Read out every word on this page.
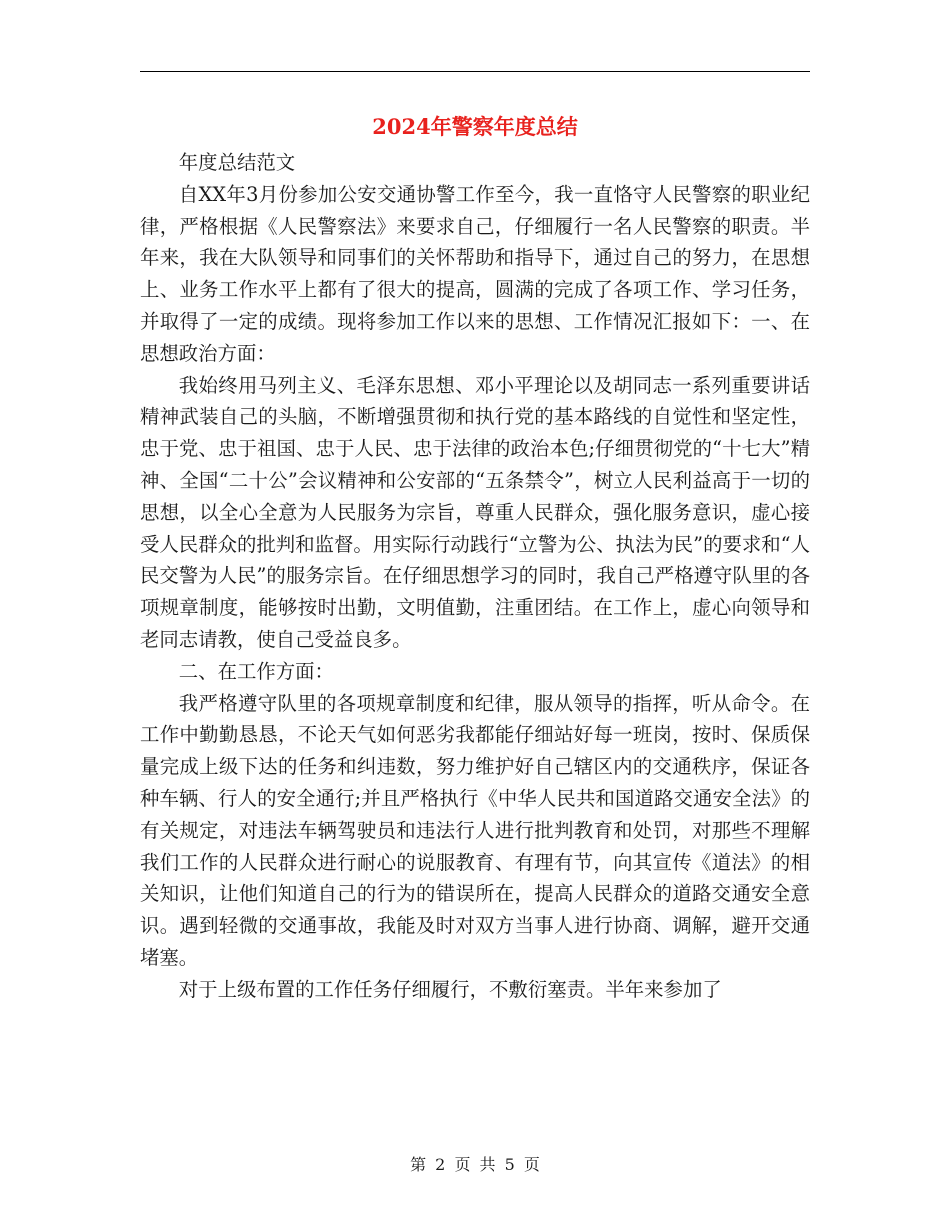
2024年警察年度总结

年度总结范文

自XX年3月份参加公安交通协警工作至今，我一直恪守人民警察的职业纪律，严格根据《人民警察法》来要求自己，仔细履行一名人民警察的职责。半年来，我在大队领导和同事们的关怀帮助和指导下，通过自己的努力，在思想上、业务工作水平上都有了很大的提高，圆满的完成了各项工作、学习任务，并取得了一定的成绩。现将参加工作以来的思想、工作情况汇报如下：一、在思想政治方面：

我始终用马列主义、毛泽东思想、邓小平理论以及胡同志一系列重要讲话精神武装自己的头脑，不断增强贯彻和执行党的基本路线的自觉性和坚定性，忠于党、忠于祖国、忠于人民、忠于法律的政治本色;仔细贯彻党的“十七大”精神、全国“二十公”会议精神和公安部的“五条禁令”，树立人民利益高于一切的思想，以全心全意为人民服务为宗旨，尊重人民群众，强化服务意识，虚心接受人民群众的批判和监督。用实际行动践行“立警为公、执法为民”的要求和“人民交警为人民”的服务宗旨。在仔细思想学习的同时，我自己严格遵守队里的各项规章制度，能够按时出勤，文明值勤，注重团结。在工作上，虚心向领导和老同志请教，使自己受益良多。

二、在工作方面：

我严格遵守队里的各项规章制度和纪律，服从领导的指挥，听从命令。在工作中勤勤恳恳，不论天气如何恶劣我都能仔细站好每一班岗，按时、保质保量完成上级下达的任务和纠违数，努力维护好自己辖区内的交通秩序，保证各种车辆、行人的安全通行;并且严格执行《中华人民共和国道路交通安全法》的有关规定，对违法车辆驾驶员和违法行人进行批判教育和处罚，对那些不理解我们工作的人民群众进行耐心的说服教育、有理有节，向其宣传《道法》的相关知识，让他们知道自己的行为的错误所在，提高人民群众的道路交通安全意识。遇到轻微的交通事故，我能及时对双方当事人进行协商、调解，避开交通堵塞。

对于上级布置的工作任务仔细履行，不敷衍塞责。半年来参加了

第 2 页 共 5 页
